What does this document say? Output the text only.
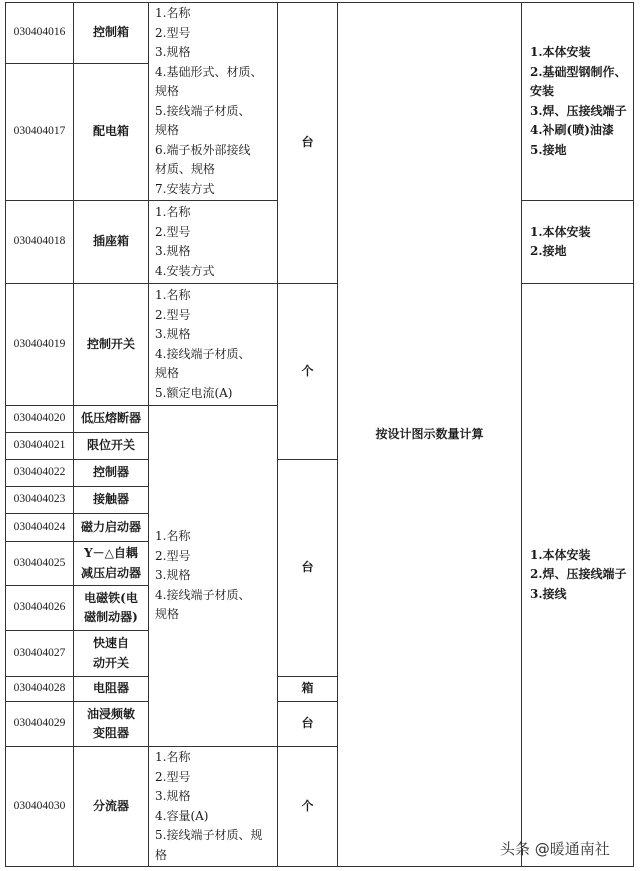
030404016
030404017
030404018
030404019
030404020
030404021
030404022
030404023
030404024
030404025
030404026
030404027
030404028
030404029
030404030
控制箱
配电箱
插座箱
控制开关
低压熔断器
限位开关
控制器
接触器
磁力启动器
Y－△自耦
减压启动器
电磁铁(电
磁制动器)
快速自
动开关
电阻器
油浸频敏
变阻器
分流器
1.名称
2.型号
3.规格
4.基础形式、材质、
规格
5.接线端子材质、
规格
6.端子板外部接线
材质、规格
7.安装方式
1.名称
2.型号
3.规格
4.安装方式
1.名称
2.型号
3.规格
4.接线端子材质、
规格
5.额定电流(A)
1.名称
2.型号
3.规格
4.接线端子材质、
规格
1.名称
2.型号
3.规格
4.容量(A)
5.接线端子材质、规
格
台
个
台
箱
台
个
按设计图示数量计算
1.本体安装
2.基础型钢制作、
安装
3.焊、压接线端子
4.补刷(喷)油漆
5.接地
1.本体安装
2.接地
1.本体安装
2.焊、压接线端子
3.接线
头条 @暖通南社
